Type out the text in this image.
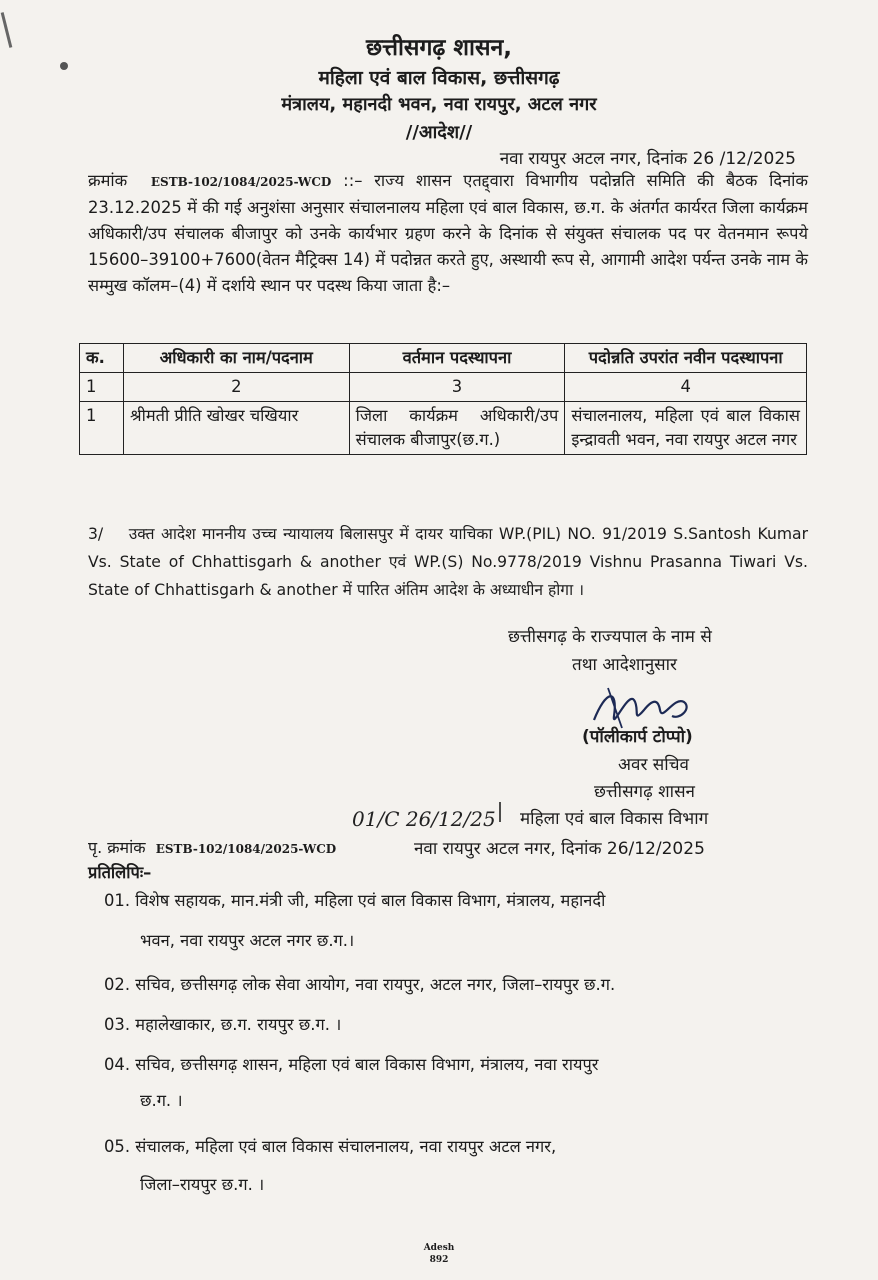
छत्तीसगढ़ शासन,
महिला एवं बाल विकास, छत्तीसगढ़
मंत्रालय, महानदी भवन, नवा रायपुर, अटल नगर
//आदेश//
नवा रायपुर अटल नगर, दिनांक 26 /12/2025
क्रमांक ESTB-102/1084/2025-WCD ::– राज्य शासन एतद्द्वारा विभागीय पदोन्नति समिति की बैठक दिनांक 23.12.2025 में की गई अनुशंसा अनुसार संचालनालय महिला एवं बाल विकास, छ.ग. के अंतर्गत कार्यरत जिला कार्यक्रम अधिकारी/उप संचालक बीजापुर को उनके कार्यभार ग्रहण करने के दिनांक से संयुक्त संचालक पद पर वेतनमान रूपये 15600–39100+7600(वेतन मैट्रिक्स 14) में पदोन्नत करते हुए, अस्थायी रूप से, आगामी आदेश पर्यन्त उनके नाम के सम्मुख कॉलम–(4) में दर्शाये स्थान पर पदस्थ किया जाता है:–
क.	अधिकारी का नाम/पदनाम	वर्तमान पदस्थापना	पदोन्नति उपरांत नवीन पदस्थापना
1	2	3	4
1	श्रीमती प्रीति खोखर चखियार	जिला कार्यक्रम अधिकारी/उप संचालक बीजापुर(छ.ग.)	संचालनालय, महिला एवं बाल विकास इन्द्रावती भवन, नवा रायपुर अटल नगर
3/ उक्त आदेश माननीय उच्च न्यायालय बिलासपुर में दायर याचिका WP.(PIL) NO. 91/2019 S.Santosh Kumar Vs. State of Chhattisgarh & another एवं WP.(S) No.9778/2019 Vishnu Prasanna Tiwari Vs. State of Chhattisgarh & another में पारित अंतिम आदेश के अध्याधीन होगा ।
छत्तीसगढ़ के राज्यपाल के नाम से
तथा आदेशानुसार
(पॉलीकार्प टोप्पो)
अवर सचिव
छत्तीसगढ़ शासन
महिला एवं बाल विकास विभाग
01/C 26/12/25
पृ. क्रमांक ESTB-102/1084/2025-WCD	नवा रायपुर अटल नगर, दिनांक 26/12/2025
प्रतिलिपिः–
01. विशेष सहायक, मान.मंत्री जी, महिला एवं बाल विकास विभाग, मंत्रालय, महानदी
भवन, नवा रायपुर अटल नगर छ.ग.।
02. सचिव, छत्तीसगढ़ लोक सेवा आयोग, नवा रायपुर, अटल नगर, जिला–रायपुर छ.ग.
03. महालेखाकार, छ.ग. रायपुर छ.ग. ।
04. सचिव, छत्तीसगढ़ शासन, महिला एवं बाल विकास विभाग, मंत्रालय, नवा रायपुर
छ.ग. ।
05. संचालक, महिला एवं बाल विकास संचालनालय, नवा रायपुर अटल नगर,
जिला–रायपुर छ.ग. ।
Adesh
892
